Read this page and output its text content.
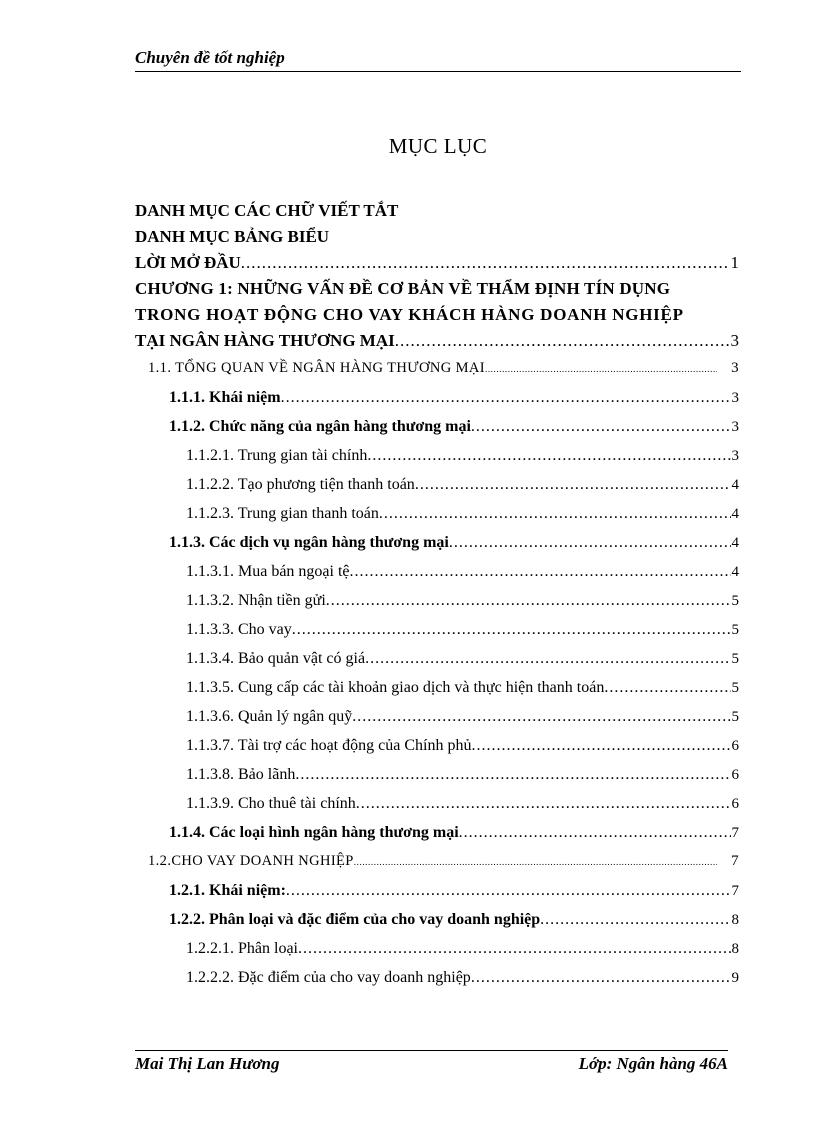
Chuyên đề tốt nghiệp
MỤC LỤC
DANH MỤC CÁC CHỮ VIẾT TẮT
DANH MỤC BẢNG BIỂU
LỜI MỞ ĐẦU .....	1
CHƯƠNG 1: NHỮNG VẤN ĐỀ CƠ BẢN VỀ THẨM ĐỊNH TÍN DỤNG
TRONG HOẠT ĐỘNG CHO VAY KHÁCH HÀNG DOANH NGHIỆP
TẠI NGÂN HÀNG THƯƠNG MẠI .....	3
1.1. TỔNG QUAN VỀ NGÂN HÀNG THƯƠNG MẠI .....	3
1.1.1. Khái niệm .....	3
1.1.2. Chức năng của ngân hàng thương mại .....	3
1.1.2.1. Trung gian tài chính .....	3
1.1.2.2. Tạo phương tiện thanh toán .....	4
1.1.2.3. Trung gian thanh toán .....	4
1.1.3. Các dịch vụ ngân hàng thương mại .....	4
1.1.3.1. Mua bán ngoại tệ .....	4
1.1.3.2. Nhận tiền gửi .....	5
1.1.3.3. Cho vay .....	5
1.1.3.4. Bảo quản vật có giá .....	5
1.1.3.5. Cung cấp các tài khoản giao dịch và thực hiện thanh toán .....	5
1.1.3.6. Quản lý ngân quỹ .....	5
1.1.3.7. Tài trợ các hoạt động của Chính phủ .....	6
1.1.3.8. Bảo lãnh .....	6
1.1.3.9. Cho thuê tài chính .....	6
1.1.4. Các loại hình ngân hàng thương mại .....	7
1.2.CHO VAY DOANH NGHIỆP .....	7
1.2.1. Khái niệm: .....	7
1.2.2. Phân loại và đặc điểm của cho vay doanh nghiệp .....	8
1.2.2.1. Phân loại .....	8
1.2.2.2. Đặc điểm của cho vay doanh nghiệp .....	9
Mai Thị Lan Hương	Lớp: Ngân hàng 46A
